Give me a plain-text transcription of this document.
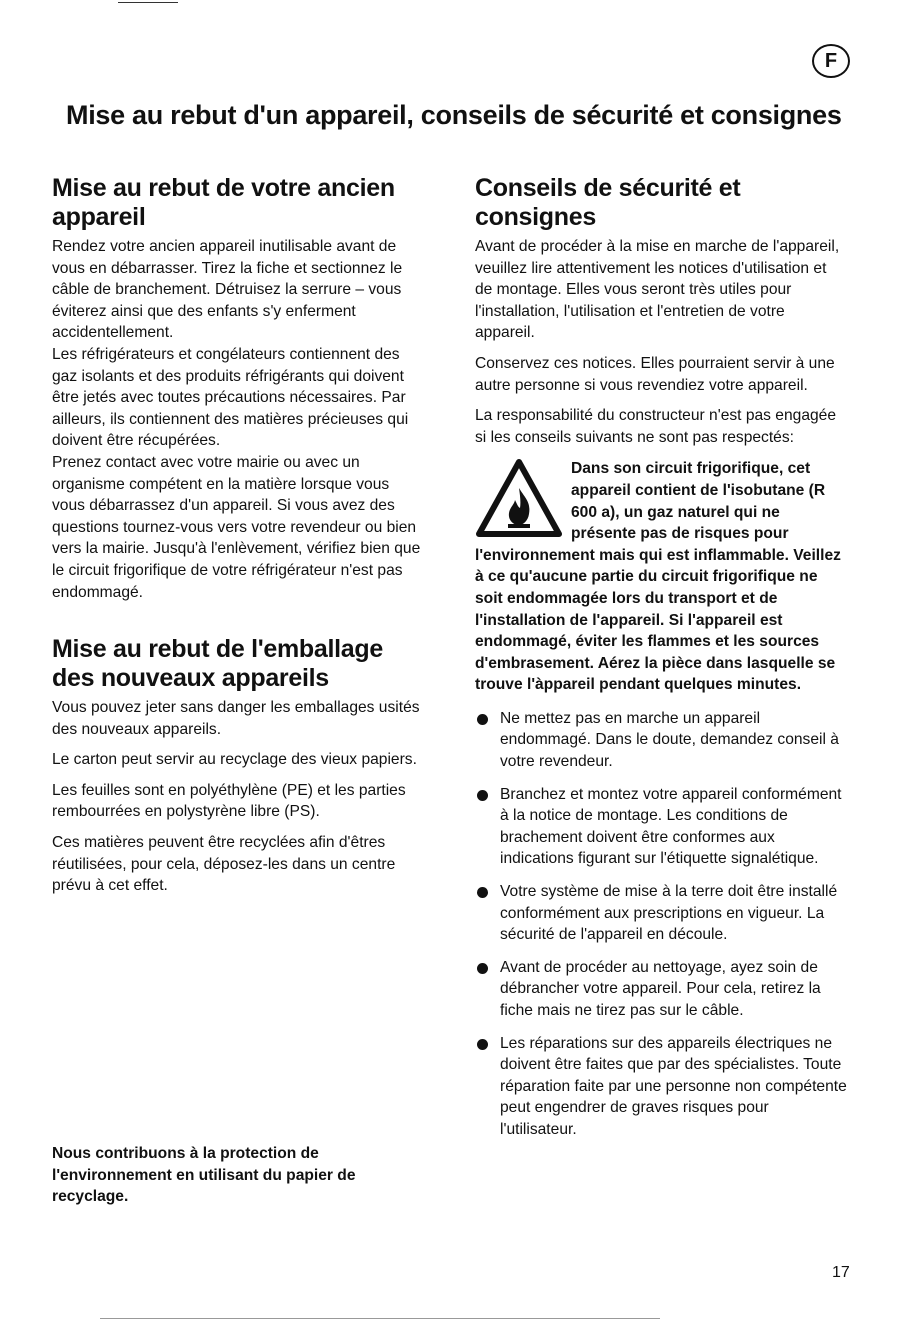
F
Mise au rebut d'un appareil, conseils de sécurité et consignes
Mise au rebut de votre ancien appareil

Rendez votre ancien appareil inutilisable avant de vous en débarrasser. Tirez la fiche et sectionnez le câble de branchement. Détruisez la serrure – vous éviterez ainsi que des enfants s'y enferment accidentellement.

Les réfrigérateurs et congélateurs contiennent des gaz isolants et des produits réfrigérants qui doivent être jetés avec toutes précautions nécessaires. Par ailleurs, ils contiennent des matières précieuses qui doivent être récupérées.

Prenez contact avec votre mairie ou avec un organisme compétent en la matière lorsque vous vous débarrassez d'un appareil. Si vous avez des questions tournez-vous vers votre revendeur ou bien vers la mairie. Jusqu'à l'enlèvement, vérifiez bien que le circuit frigorifique de votre réfrigérateur n'est pas endommagé.

Mise au rebut de l'emballage des nouveaux appareils

Vous pouvez jeter sans danger les emballages usités des nouveaux appareils.

Le carton peut servir au recyclage des vieux papiers.

Les feuilles sont en polyéthylène (PE) et les parties rembourrées en polystyrène libre (PS).

Ces matières peuvent être recyclées afin d'êtres réutilisées, pour cela, déposez-les dans un centre prévu à cet effet.

Nous contribuons à la protection de l'environnement en utilisant du papier de recyclage.
Conseils de sécurité et consignes

Avant de procéder à la mise en marche de l'appareil, veuillez lire attentivement les notices d'utilisation et de montage. Elles vous seront très utiles pour l'installation, l'utilisation et l'entretien de votre appareil.

Conservez ces notices. Elles pourraient servir à une autre personne si vous revendiez votre appareil.

La responsabilité du constructeur n'est pas engagée si les conseils suivants ne sont pas respectés:

Dans son circuit frigorifique, cet appareil contient de l'isobutane (R 600 a), un gaz naturel qui ne présente pas de risques pour l'environnement mais qui est inflammable. Veillez à ce qu'aucune partie du circuit frigorifique ne soit endommagée lors du transport et de l'installation de l'appareil. Si l'appareil est endommagé, éviter les flammes et les sources d'embrasement. Aérez la pièce dans lasquelle se trouve l'àppareil pendant quelques minutes.
Ne mettez pas en marche un appareil endommagé. Dans le doute, demandez conseil à votre revendeur.
Branchez et montez votre appareil conformément à la notice de montage. Les conditions de brachement doivent être conformes aux indications figurant sur l'étiquette signalétique.
Votre système de mise à la terre doit être installé conformément aux prescriptions en vigueur. La sécurité de l'appareil en découle.
Avant de procéder au nettoyage, ayez soin de débrancher votre appareil. Pour cela, retirez la fiche mais ne tirez pas sur le câble.
Les réparations sur des appareils électriques ne doivent être faites que par des spécialistes. Toute réparation faite par une personne non compétente peut engendrer de graves risques pour l'utilisateur.
17
